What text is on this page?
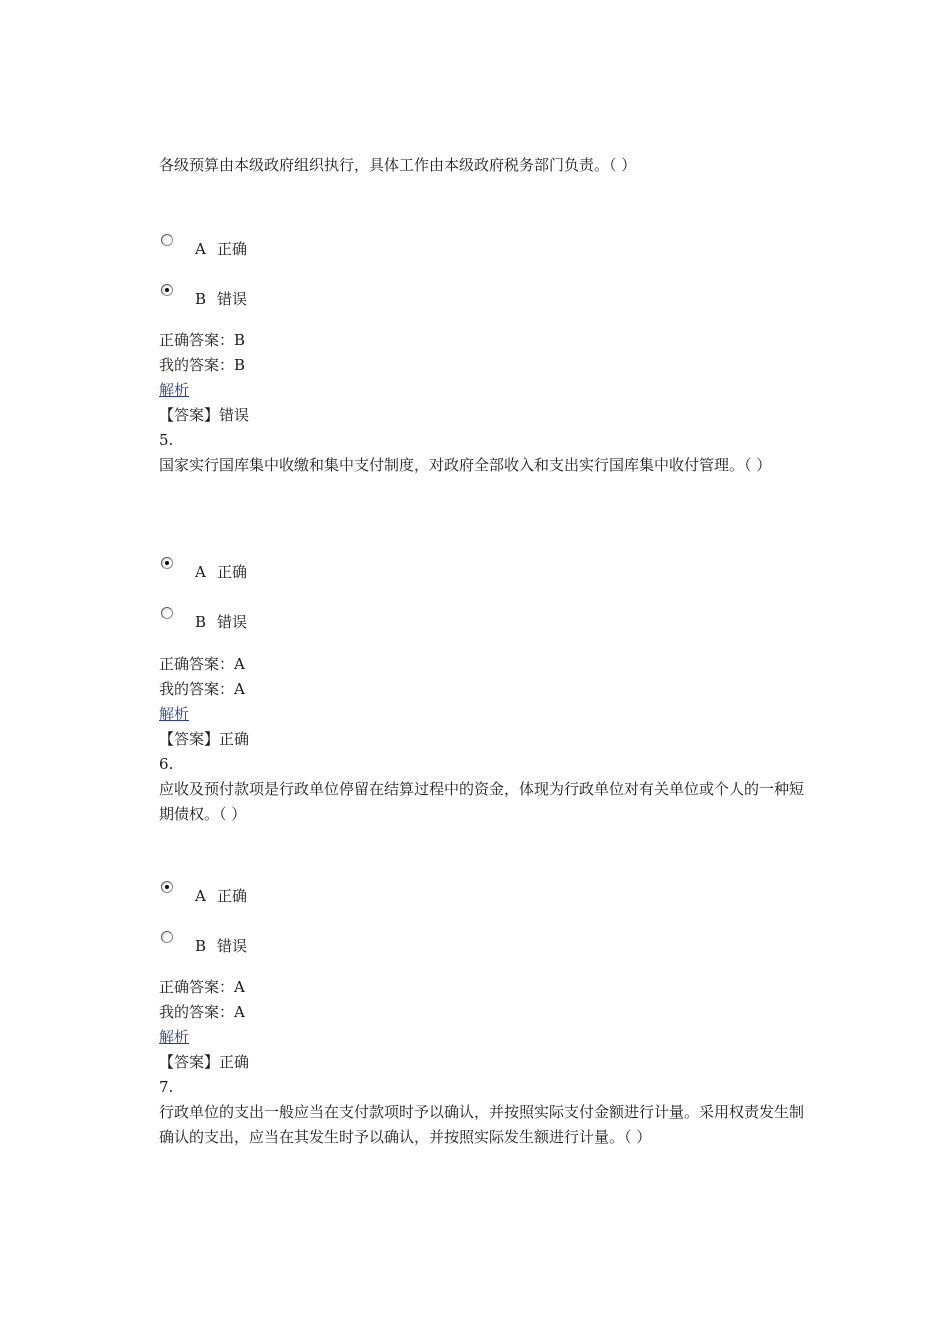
各级预算由本级政府组织执行，具体工作由本级政府税务部门负责。（ ）
A 正确
B 错误
正确答案：B
我的答案：B
解析
【答案】错误
5.
国家实行国库集中收缴和集中支付制度，对政府全部收入和支出实行国库集中收付管理。（ ）
A 正确
B 错误
正确答案：A
我的答案：A
解析
【答案】正确
6.
应收及预付款项是行政单位停留在结算过程中的资金，体现为行政单位对有关单位或个人的一种短期债权。（ ）
A 正确
B 错误
正确答案：A
我的答案：A
解析
【答案】正确
7.
行政单位的支出一般应当在支付款项时予以确认，并按照实际支付金额进行计量。采用权责发生制确认的支出，应当在其发生时予以确认，并按照实际发生额进行计量。（ ）
